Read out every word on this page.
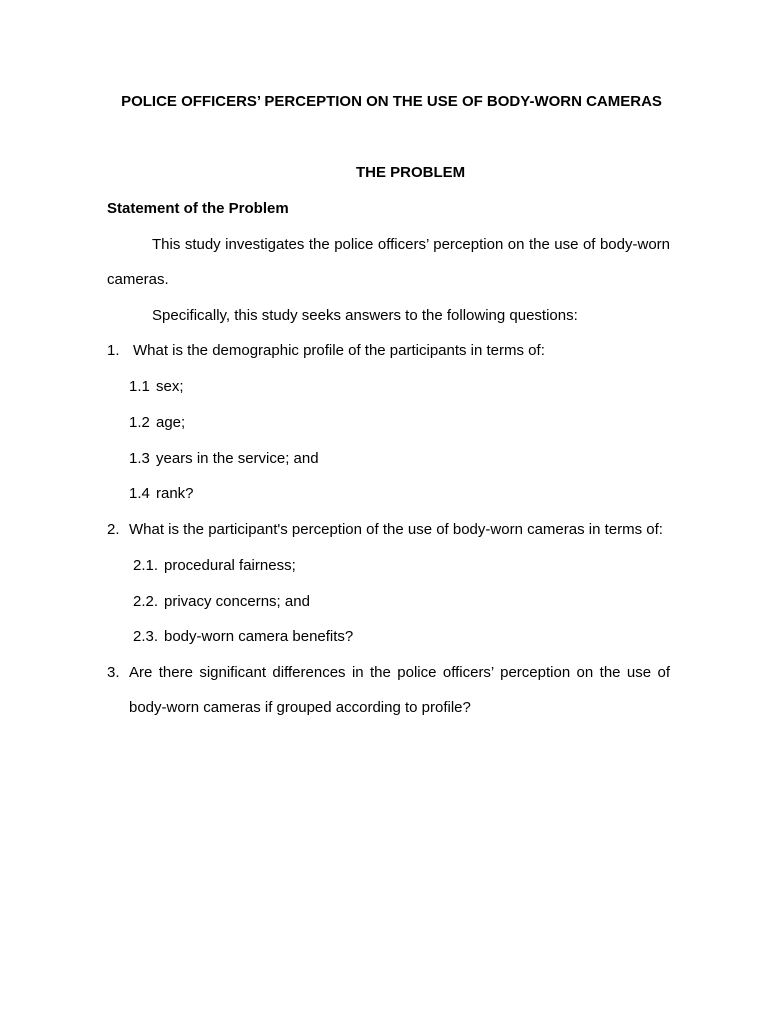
POLICE OFFICERS’ PERCEPTION ON THE USE OF BODY-WORN CAMERAS
THE PROBLEM
Statement of the Problem
This study investigates the police officers’ perception on the use of body-worn
cameras.
Specifically, this study seeks answers to the following questions:
1. What is the demographic profile of the participants in terms of:
1.1 sex;
1.2 age;
1.3 years in the service; and
1.4 rank?
2. What is the participant's perception of the use of body-worn cameras in terms of:
2.1. procedural fairness;
2.2. privacy concerns; and
2.3. body-worn camera benefits?
3. Are there significant differences in the police officers’ perception on the use of
body-worn cameras if grouped according to profile?
